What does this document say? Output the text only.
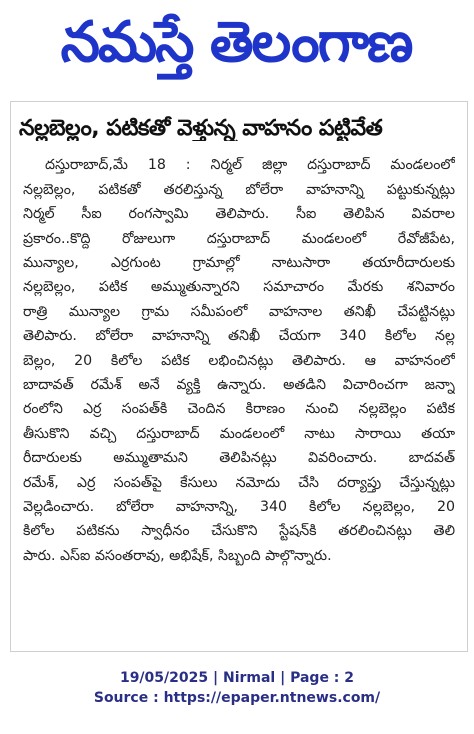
నమస్తే తెలంగాణ
నల్లబెల్లం, పటికతో వెళ్తున్న వాహనం పట్టివేత
దస్తురాబాద్,మే 18 : నిర్మల్ జిల్లా దస్తురాబాద్ మండలంలో
నల్లబెల్లం, పటికతో తరలిస్తున్న బోలేరా వాహనాన్ని పట్టుకున్నట్లు
నిర్మల్ సీఐ రంగస్వామి తెలిపారు. సీఐ తెలిపిన వివరాల
ప్రకారం..కొద్ది రోజులుగా దస్తురాబాద్ మండలంలో రేవోజీపేట,
మున్యాల, ఎర్రగుంట గ్రామాల్లో నాటుసారా తయారీదారులకు
నల్లబెల్లం, పటిక అమ్ముతున్నారని సమాచారం మేరకు శనివారం
రాత్రి మున్యాల గ్రామ సమీపంలో వాహనాల తనిఖీ చేపట్టినట్లు
తెలిపారు. బోలేరా వాహనాన్ని తనిఖీ చేయగా 340 కిలోల నల్ల
బెల్లం, 20 కిలోల పటిక లభించినట్లు తెలిపారు. ఆ వాహనంలో
బాదావత్ రమేశ్ అనే వ్యక్తి ఉన్నారు. అతడిని విచారించగా జన్నా
రంలోని ఎర్ర సంపత్‌కి చెందిన కిరాణం నుంచి నల్లబెల్లం పటిక
తీసుకొని వచ్చి దస్తురాబాద్ మండలంలో నాటు సారాయి తయా
రీదారులకు అమ్ముతామని తెలిపినట్లు వివరించారు. బాదవత్
రమేశ్, ఎర్ర సంపత్‌పై కేసులు నమోదు చేసి దర్యాప్తు చేస్తున్నట్లు
వెల్లడించారు. బోలేరా వాహనాన్ని, 340 కిలోల నల్లబెల్లం, 20
కిలోల పటికను స్వాధీనం చేసుకొని స్టేషన్‌కి తరలించినట్లు తెలి
పారు. ఎస్ఐ వసంతరావు, అభిషేక్, సిబ్బంది పాల్గొన్నారు.
19/05/2025 | Nirmal | Page : 2
Source : https://epaper.ntnews.com/
